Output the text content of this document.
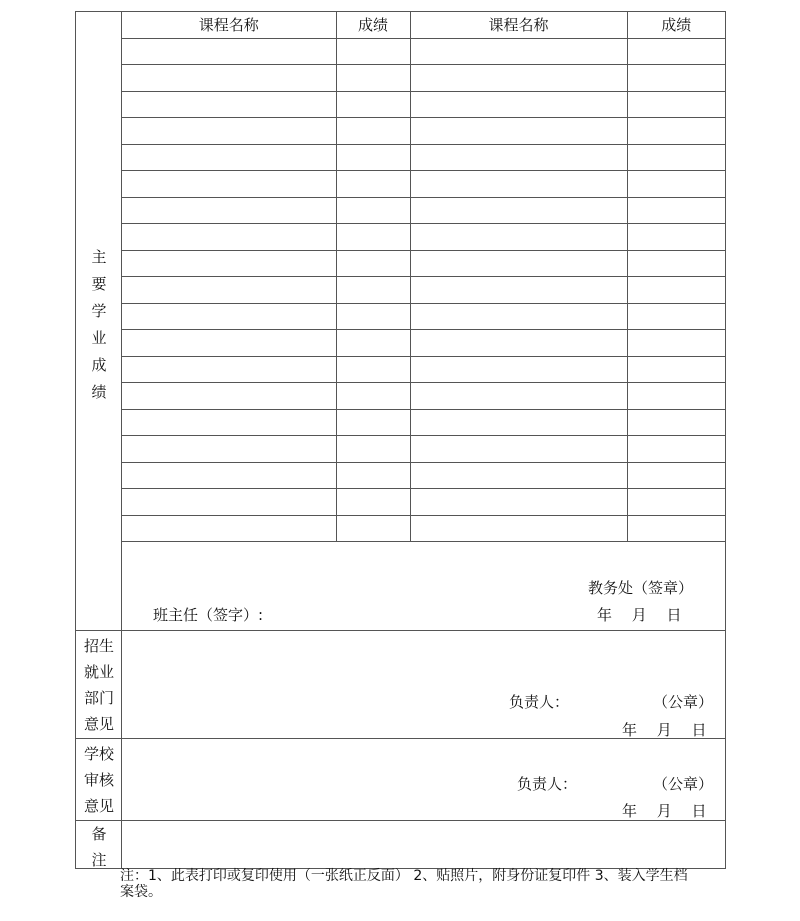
主
要
学
业
成
绩
课程名称	成绩	课程名称	成绩

教务处（签章）
年　 月　 日
班主任（签字）:
招生
就业
部门
意见
负责人：	（公章）
年　 月　 日
学校
审核
意见
负责人：	（公章）
年　 月　 日
备
注
注：1、此表打印或复印使用（一张纸正反面） 2、贴照片，附身份证复印件 3、装入学生档案袋。
